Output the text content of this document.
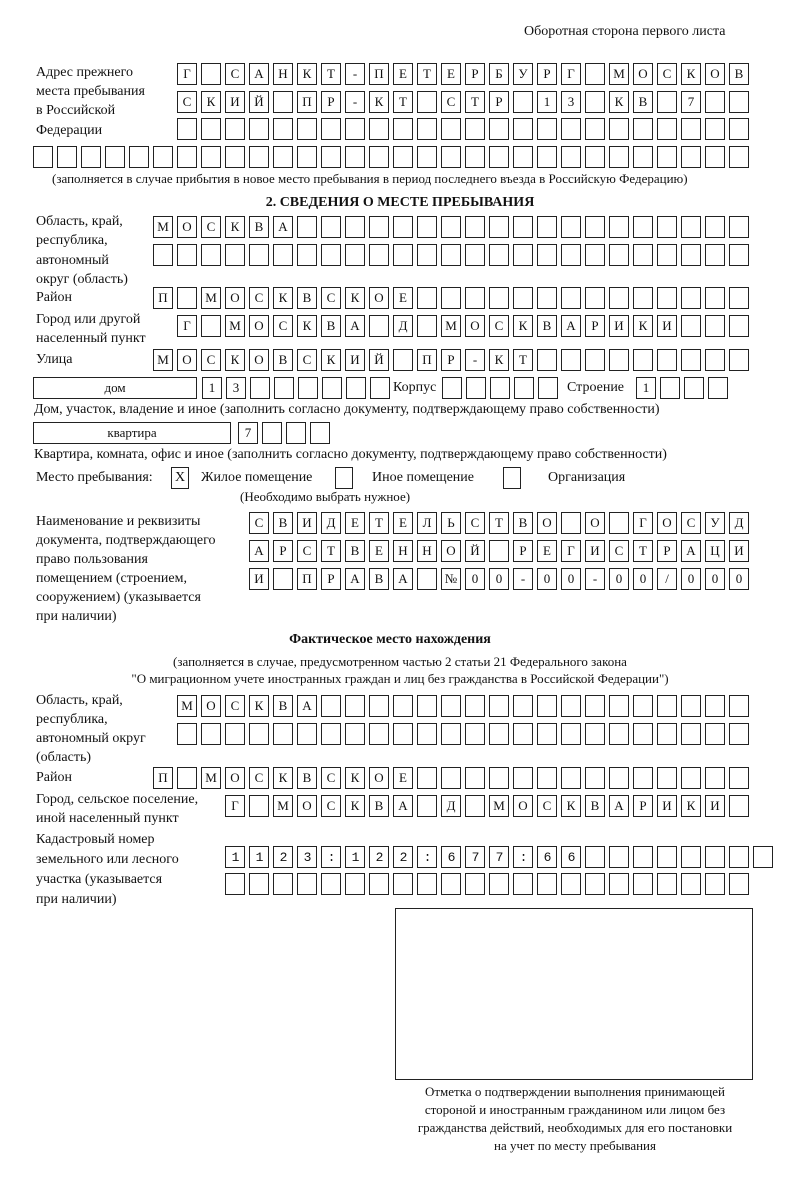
Оборотная сторона первого листа
Адрес прежнего
места пребывания
в Российской
Федерации
Г	С	А	Н	К	Т	-	П	Е	Т	Е	Р	Б	У	Р	Г	М	О	С	К	О	В
С	К	И	Й	П	Р	-	К	Т	С	Т	Р	1	3	К	В	7
(заполняется в случае прибытия в новое место пребывания в период последнего въезда в Российскую Федерацию)
2. СВЕДЕНИЯ О МЕСТЕ ПРЕБЫВАНИЯ
Область, край,
республика,
автономный
округ (область)
М	О	С	К	В	А
Район	П	М	О	С	К	В	С	К	О	Е
Город или другой
населенный пункт
Г	М	О	С	К	В	А	Д	М	О	С	К	В	А	Р	И	К	И
Улица	М	О	С	К	О	В	С	К	И	Й	П	Р	-	К	Т
дом	1	3	Корпус	Строение	1
Дом, участок, владение и иное (заполнить согласно документу, подтверждающему право собственности)
квартира	7
Квартира, комната, офис и иное (заполнить согласно документу, подтверждающему право собственности)
Место пребывания: X Жилое помещение	Иное помещение	Организация
(Необходимо выбрать нужное)
Наименование и реквизиты
документа, подтверждающего
право пользования
помещением (строением,
сооружением) (указывается
при наличии)
С	В	И	Д	Е	Т	Е	Л	Ь	С	Т	В	О	О	Г	О	С	У	Д
А	Р	С	Т	В	Е	Н	Н	О	Й	Р	Е	Г	И	С	Т	Р	А	Ц	И
И	П	Р	А	В	А	№	0	0	-	0	0	-	0	0	/	0	0	0
Фактическое место нахождения
(заполняется в случае, предусмотренном частью 2 статьи 21 Федерального закона
"О миграционном учете иностранных граждан и лиц без гражданства в Российской Федерации")
Область, край,
республика,
автономный округ
(область)
М	О	С	К	В	А
Район	П	М	О	С	К	В	С	К	О	Е
Город, сельское поселение,
иной населенный пункт
Г	М	О	С	К	В	А	Д	М	О	С	К	В	А	Р	И	К	И
Кадастровый номер
земельного или лесного
участка (указывается
при наличии)
1123:122:677:66
Отметка о подтверждении выполнения принимающей
стороной и иностранным гражданином или лицом без
гражданства действий, необходимых для его постановки
на учет по месту пребывания
